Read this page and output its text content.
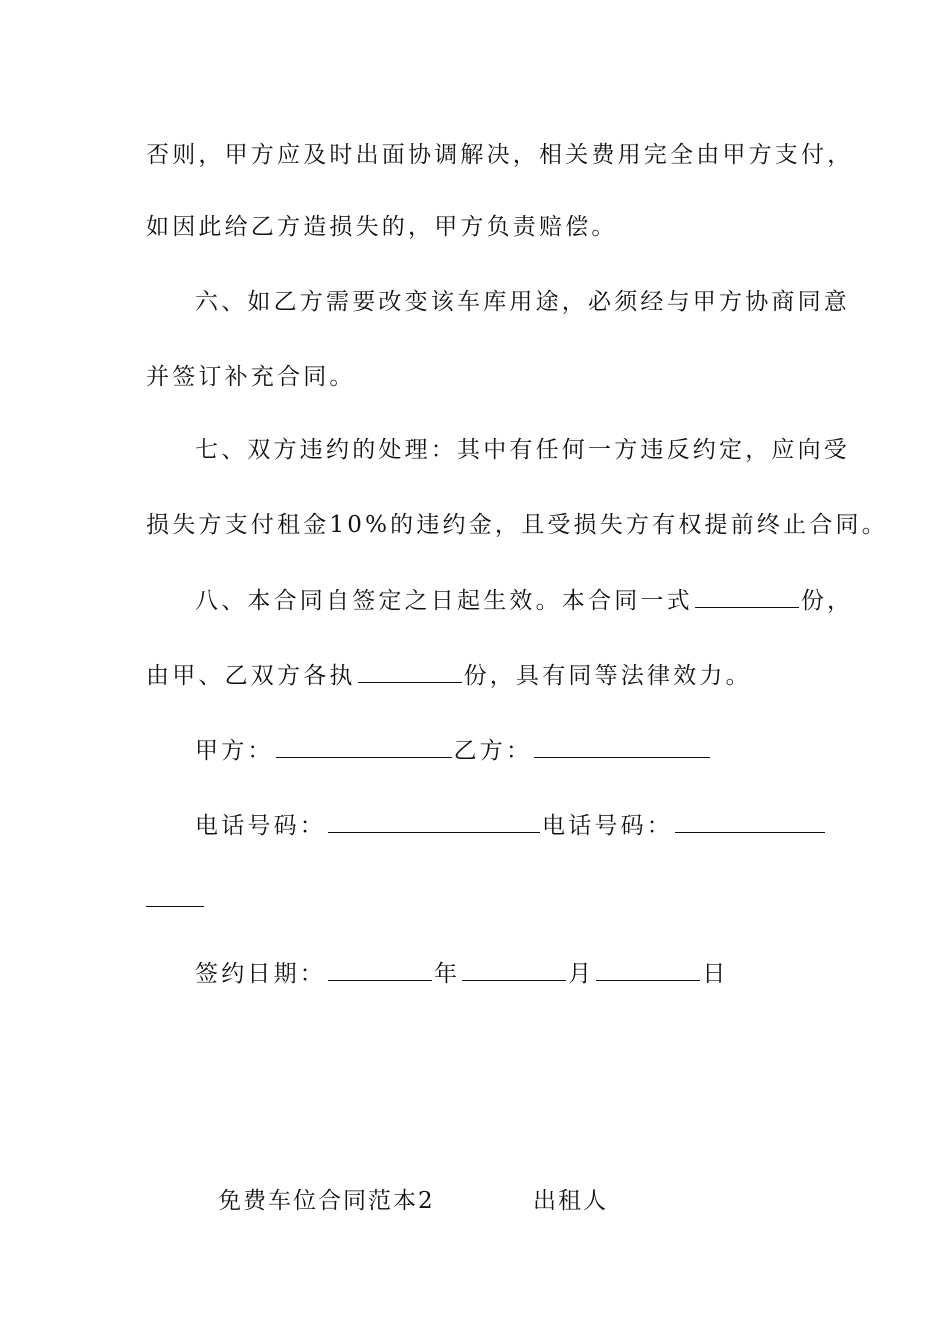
否则，甲方应及时出面协调解决，相关费用完全由甲方支付，
如因此给乙方造损失的，甲方负责赔偿。
六、如乙方需要改变该车库用途，必须经与甲方协商同意
并签订补充合同。
七、双方违约的处理：其中有任何一方违反约定，应向受
损失方支付租金10%的违约金，且受损失方有权提前终止合同。
八、本合同自签定之日起生效。本合同一式	份，
由甲、乙双方各执	份，具有同等法律效力。
甲方：	乙方：
电话号码：	电话号码：
签约日期：	年	月	日
免费车位合同范本2	出租人
